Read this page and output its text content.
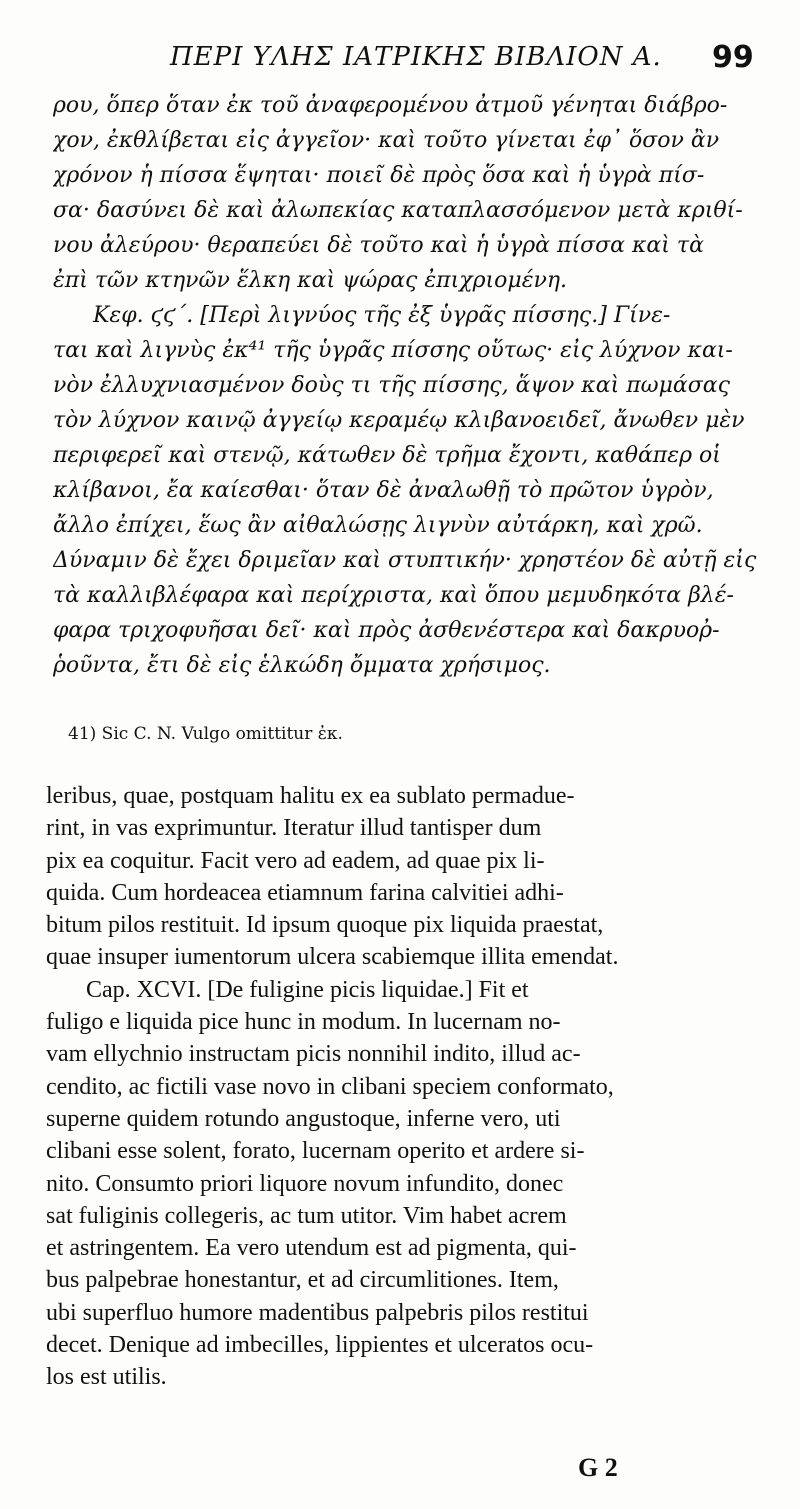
ΠΕΡΙ ΥΛΗΣ ΙΑΤΡΙΚΗΣ ΒΙΒΛΙΟΝ Α. 99
ρου, ὅπερ ὅταν ἐκ τοῦ ἀναφερομένου ἀτμοῦ γένηται διάβρο-
χον, ἐκθλίβεται εἰς ἀγγεῖον· καὶ τοῦτο γίνεται ἐφ᾽ ὅσον ἂν
χρόνον ἡ πίσσα ἕψηται· ποιεῖ δὲ πρὸς ὅσα καὶ ἡ ὑγρὰ πίσ-
σα· δασύνει δὲ καὶ ἀλωπεκίας καταπλασσόμενον μετὰ κριθί-
νου ἀλεύρου· θεραπεύει δὲ τοῦτο καὶ ἡ ὑγρὰ πίσσα καὶ τὰ
ἐπὶ τῶν κτηνῶν ἕλκη καὶ ψώρας ἐπιχριομένη.
Κεφ. ϛϛ΄. [Περὶ λιγνύος τῆς ἐξ ὑγρᾶς πίσσης.] Γίνε-
ται καὶ λιγνὺς ἐκ⁴¹ τῆς ὑγρᾶς πίσσης οὕτως· εἰς λύχνον και-
νὸν ἐλλυχνιασμένον δοὺς τι τῆς πίσσης, ἅψον καὶ πωμάσας
τὸν λύχνον καινῷ ἀγγείῳ κεραμέῳ κλιβανοειδεῖ, ἄνωθεν μὲν
περιφερεῖ καὶ στενῷ, κάτωθεν δὲ τρῆμα ἔχοντι, καθάπερ οἱ
κλίβανοι, ἔα καίεσθαι· ὅταν δὲ ἀναλωθῇ τὸ πρῶτον ὑγρὸν,
ἄλλο ἐπίχει, ἕως ἂν αἰθαλώσῃς λιγνὺν αὐτάρκη, καὶ χρῶ.
Δύναμιν δὲ ἔχει δριμεῖαν καὶ στυπτικήν· χρηστέον δὲ αὐτῇ εἰς
τὰ καλλιβλέφαρα καὶ περίχριστα, καὶ ὅπου μεμυδηκότα βλέ-
φαρα τριχοφυῆσαι δεῖ· καὶ πρὸς ἀσθενέστερα καὶ δακρυοῤ-
ῥοῦντα, ἔτι δὲ εἰς ἑλκώδη ὄμματα χρήσιμος.
41) Sic C. N. Vulgo omittitur ἐκ.
leribus, quae, postquam halitu ex ea sublato permadue-
rint, in vas exprimuntur. Iteratur illud tantisper dum
pix ea coquitur. Facit vero ad eadem, ad quae pix li-
quida. Cum hordeacea etiamnum farina calvitiei adhi-
bitum pilos restituit. Id ipsum quoque pix liquida praestat,
quae insuper iumentorum ulcera scabiemque illita emendat.
Cap. XCVI. [De fuligine picis liquidae.] Fit et
fuligo e liquida pice hunc in modum. In lucernam no-
vam ellychnio instructam picis nonnihil indito, illud ac-
cendito, ac fictili vase novo in clibani speciem conformato,
superne quidem rotundo angustoque, inferne vero, uti
clibani esse solent, forato, lucernam operito et ardere si-
nito. Consumto priori liquore novum infundito, donec
sat fuliginis collegeris, ac tum utitor. Vim habet acrem
et astringentem. Ea vero utendum est ad pigmenta, qui-
bus palpebrae honestantur, et ad circumlitiones. Item,
ubi superfluo humore madentibus palpebris pilos restitui
decet. Denique ad imbecilles, lippientes et ulceratos ocu-
los est utilis.
G 2
